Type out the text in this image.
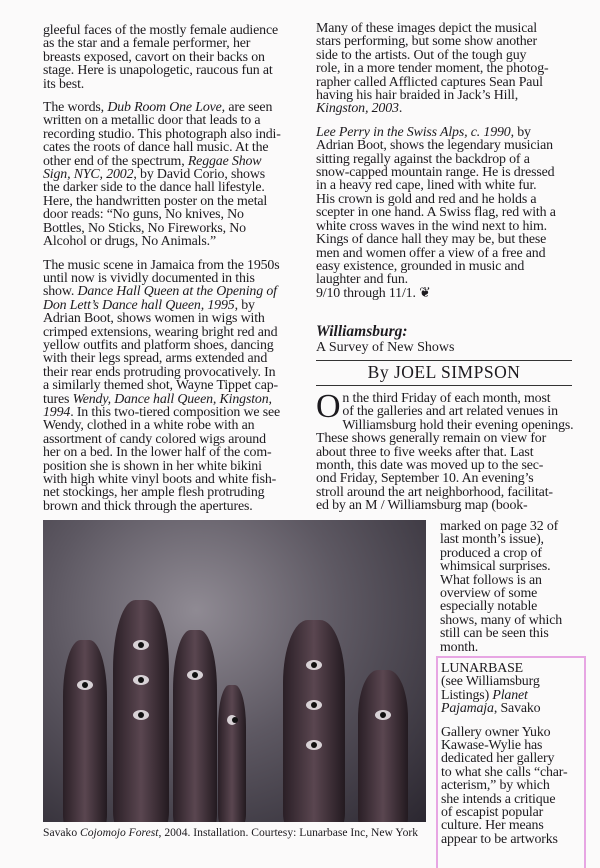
gleeful faces of the mostly female audience
as the star and a female performer, her
breasts exposed, cavort on their backs on
stage. Here is unapologetic, raucous fun at
its best.

The words, Dub Room One Love, are seen
written on a metallic door that leads to a
recording studio. This photograph also indi-
cates the roots of dance hall music. At the
other end of the spectrum, Reggae Show
Sign, NYC, 2002, by David Corio, shows
the darker side to the dance hall lifestyle.
Here, the handwritten poster on the metal
door reads: “No guns, No knives, No
Bottles, No Sticks, No Fireworks, No
Alcohol or drugs, No Animals.”

The music scene in Jamaica from the 1950s
until now is vividly documented in this
show. Dance Hall Queen at the Opening of
Don Lett’s Dance hall Queen, 1995, by
Adrian Boot, shows women in wigs with
crimped extensions, wearing bright red and
yellow outfits and platform shoes, dancing
with their legs spread, arms extended and
their rear ends protruding provocatively. In
a similarly themed shot, Wayne Tippet cap-
tures Wendy, Dance hall Queen, Kingston,
1994. In this two-tiered composition we see
Wendy, clothed in a white robe with an
assortment of candy colored wigs around
her on a bed. In the lower half of the com-
position she is shown in her white bikini
with high white vinyl boots and white fish-
net stockings, her ample flesh protruding
brown and thick through the apertures.

Many of these images depict the musical
stars performing, but some show another
side to the artists. Out of the tough guy
role, in a more tender moment, the photog-
rapher called Afflicted captures Sean Paul
having his hair braided in Jack’s Hill,
Kingston, 2003.

Lee Perry in the Swiss Alps, c. 1990, by
Adrian Boot, shows the legendary musician
sitting regally against the backdrop of a
snow-capped mountain range. He is dressed
in a heavy red cape, lined with white fur.
His crown is gold and red and he holds a
scepter in one hand. A Swiss flag, red with a
white cross waves in the wind next to him.
Kings of dance hall they may be, but these
men and women offer a view of a free and
easy existence, grounded in music and
laughter and fun.
9/10 through 11/1. ❦

Williamsburg:
A Survey of New Shows
By JOEL SIMPSON
O n the third Friday of each month, most
of the galleries and art related venues in
Williamsburg hold their evening openings.
These shows generally remain on view for
about three to five weeks after that. Last
month, this date was moved up to the sec-
ond Friday, September 10. An evening’s
stroll around the art neighborhood, facilitat-
ed by an M / Williamsburg map (book-
marked on page 32 of
last month’s issue),
produced a crop of
whimsical surprises.
What follows is an
overview of some
especially notable
shows, many of which
still can be seen this
month.

LUNARBASE
(see Williamsburg
Listings) Planet
Pajamaja, Savako

Gallery owner Yuko
Kawase-Wylie has
dedicated her gallery
to what she calls “char-
acterism,” by which
she intends a critique
of escapist popular
culture. Her means
appear to be artworks

Savako Cojomojo Forest, 2004. Installation. Courtesy: Lunarbase Inc, New York
